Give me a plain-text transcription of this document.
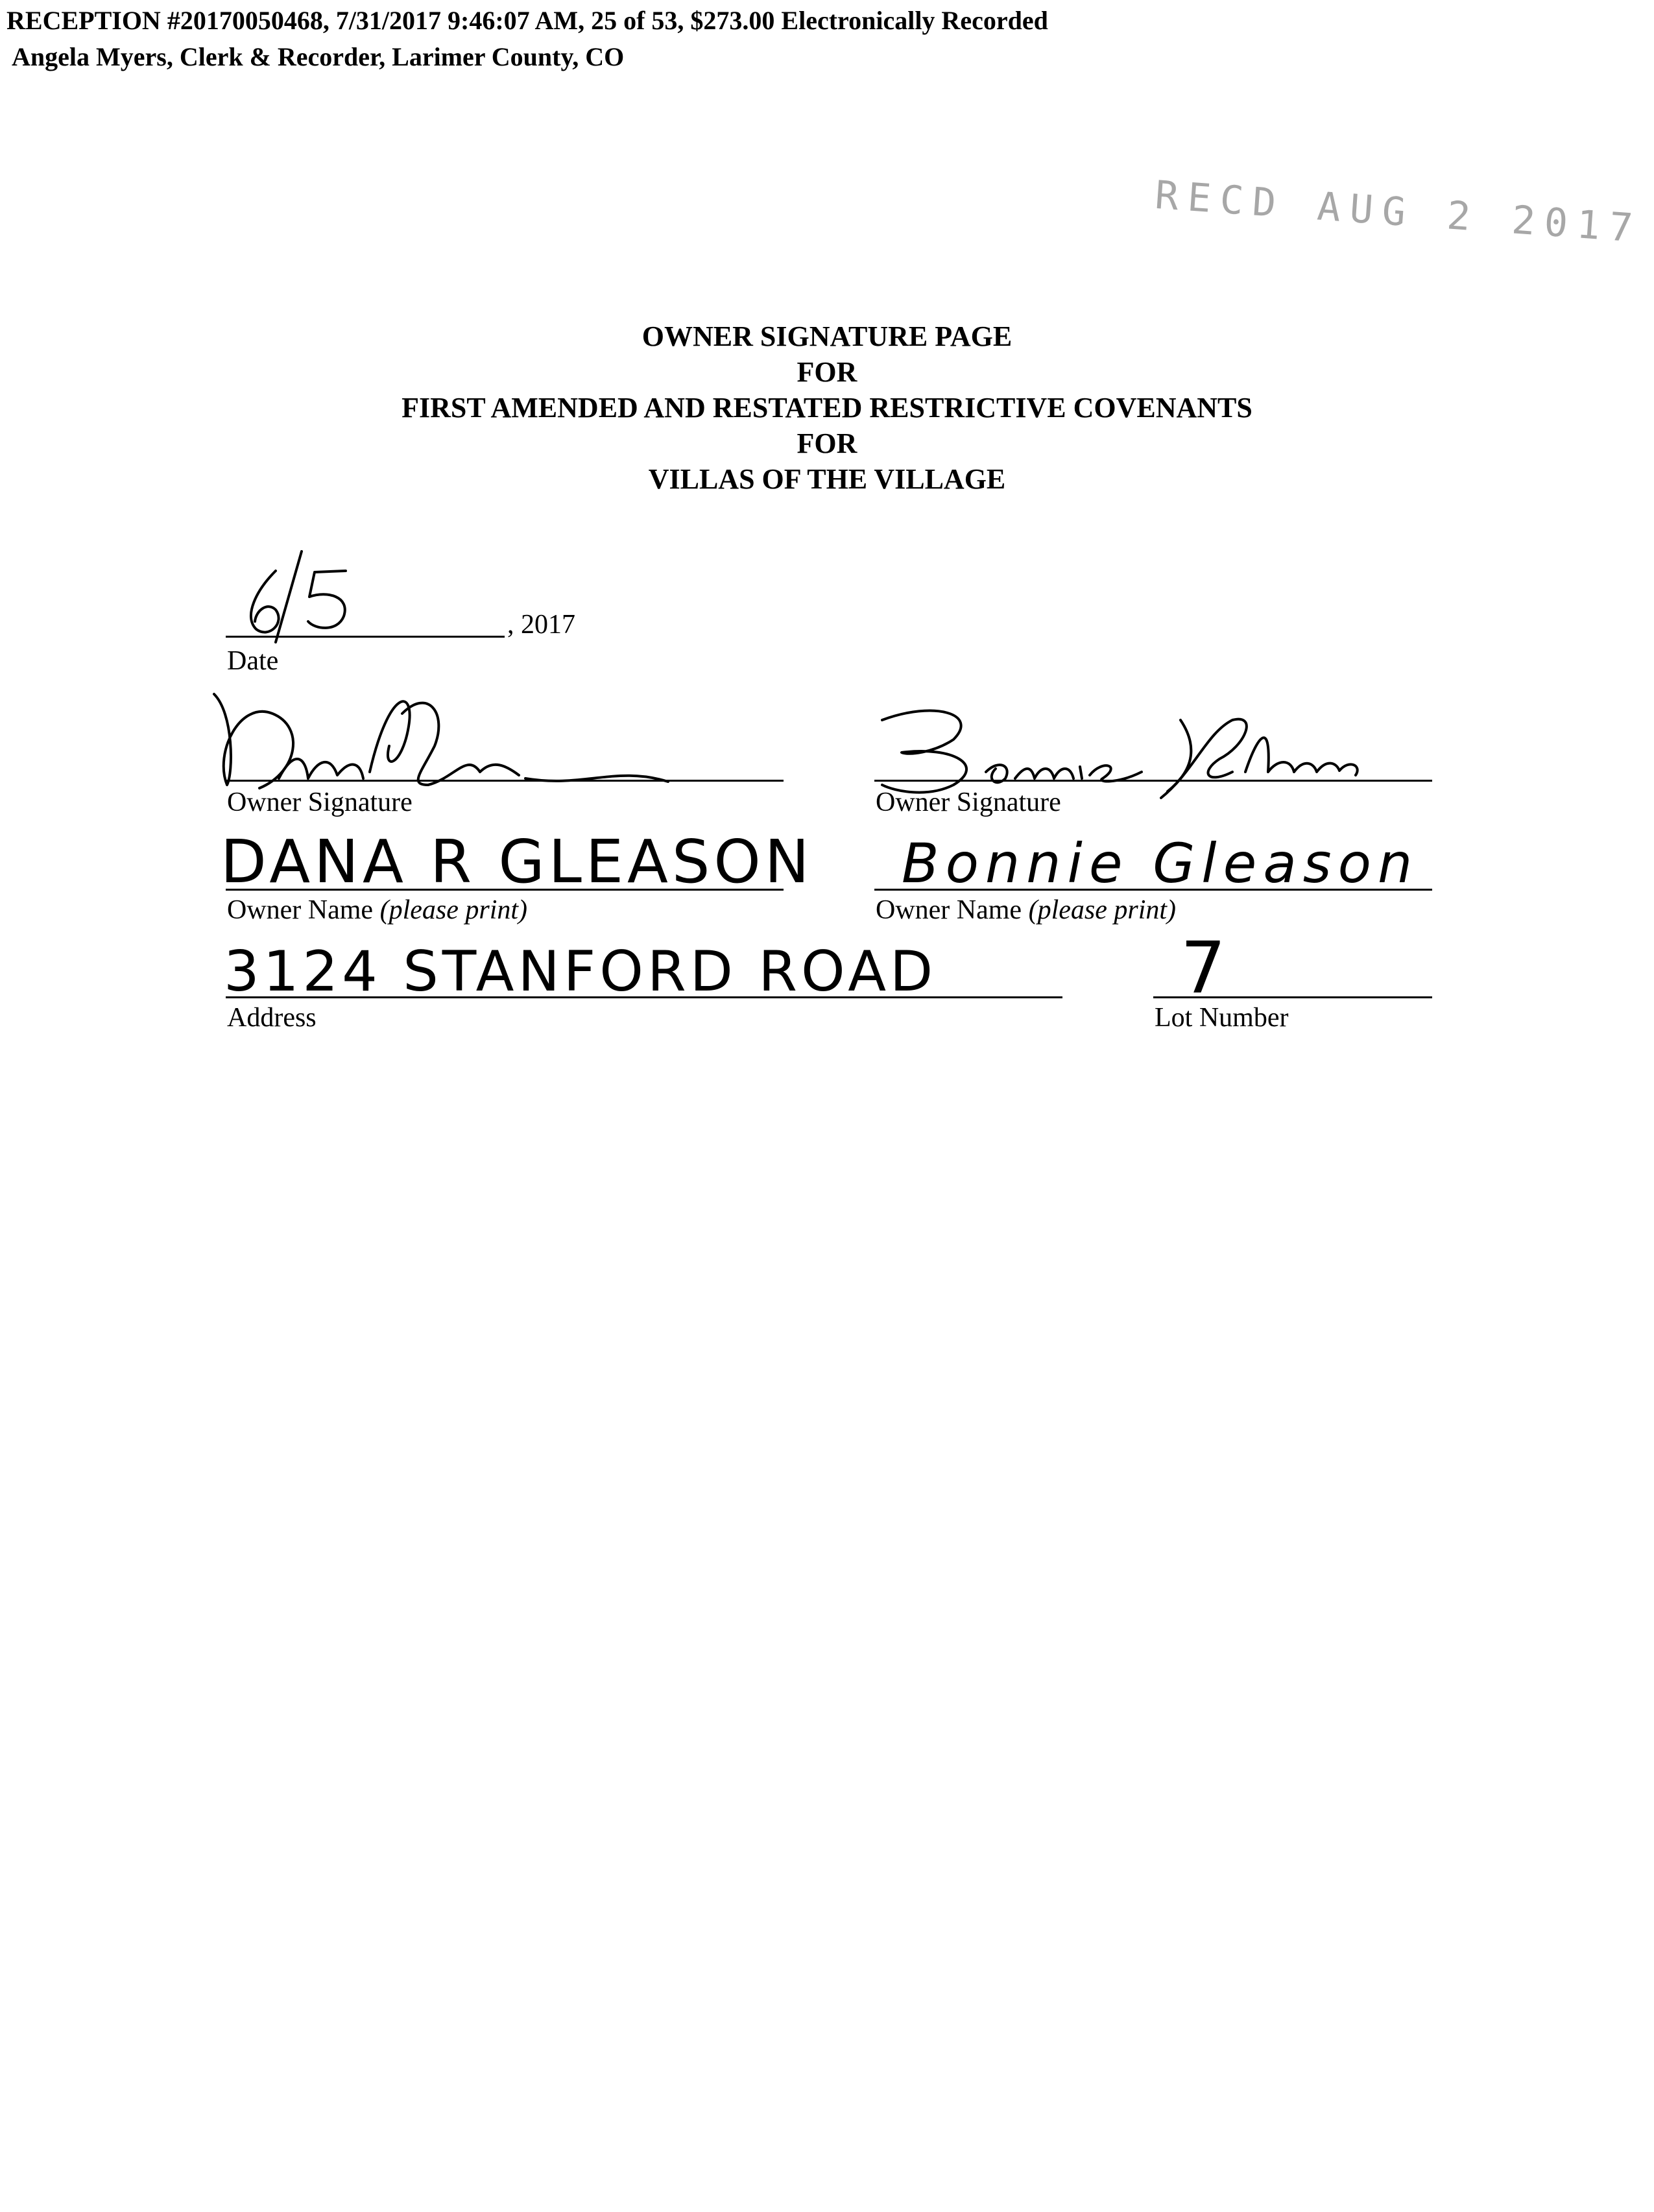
RECEPTION #20170050468, 7/31/2017 9:46:07 AM, 25 of 53, $273.00 Electronically Recorded
Angela Myers, Clerk & Recorder, Larimer County, CO
RECD AUG 2 2017
OWNER SIGNATURE PAGE
FOR
FIRST AMENDED AND RESTATED RESTRICTIVE COVENANTS
FOR
VILLAS OF THE VILLAGE
, 2017
Date
Owner Signature	Owner Signature
DANA R GLEASON
Owner Name (please print)
Bonnie Gleason
Owner Name (please print)
3124 STANFORD ROAD
Address
7
Lot Number
